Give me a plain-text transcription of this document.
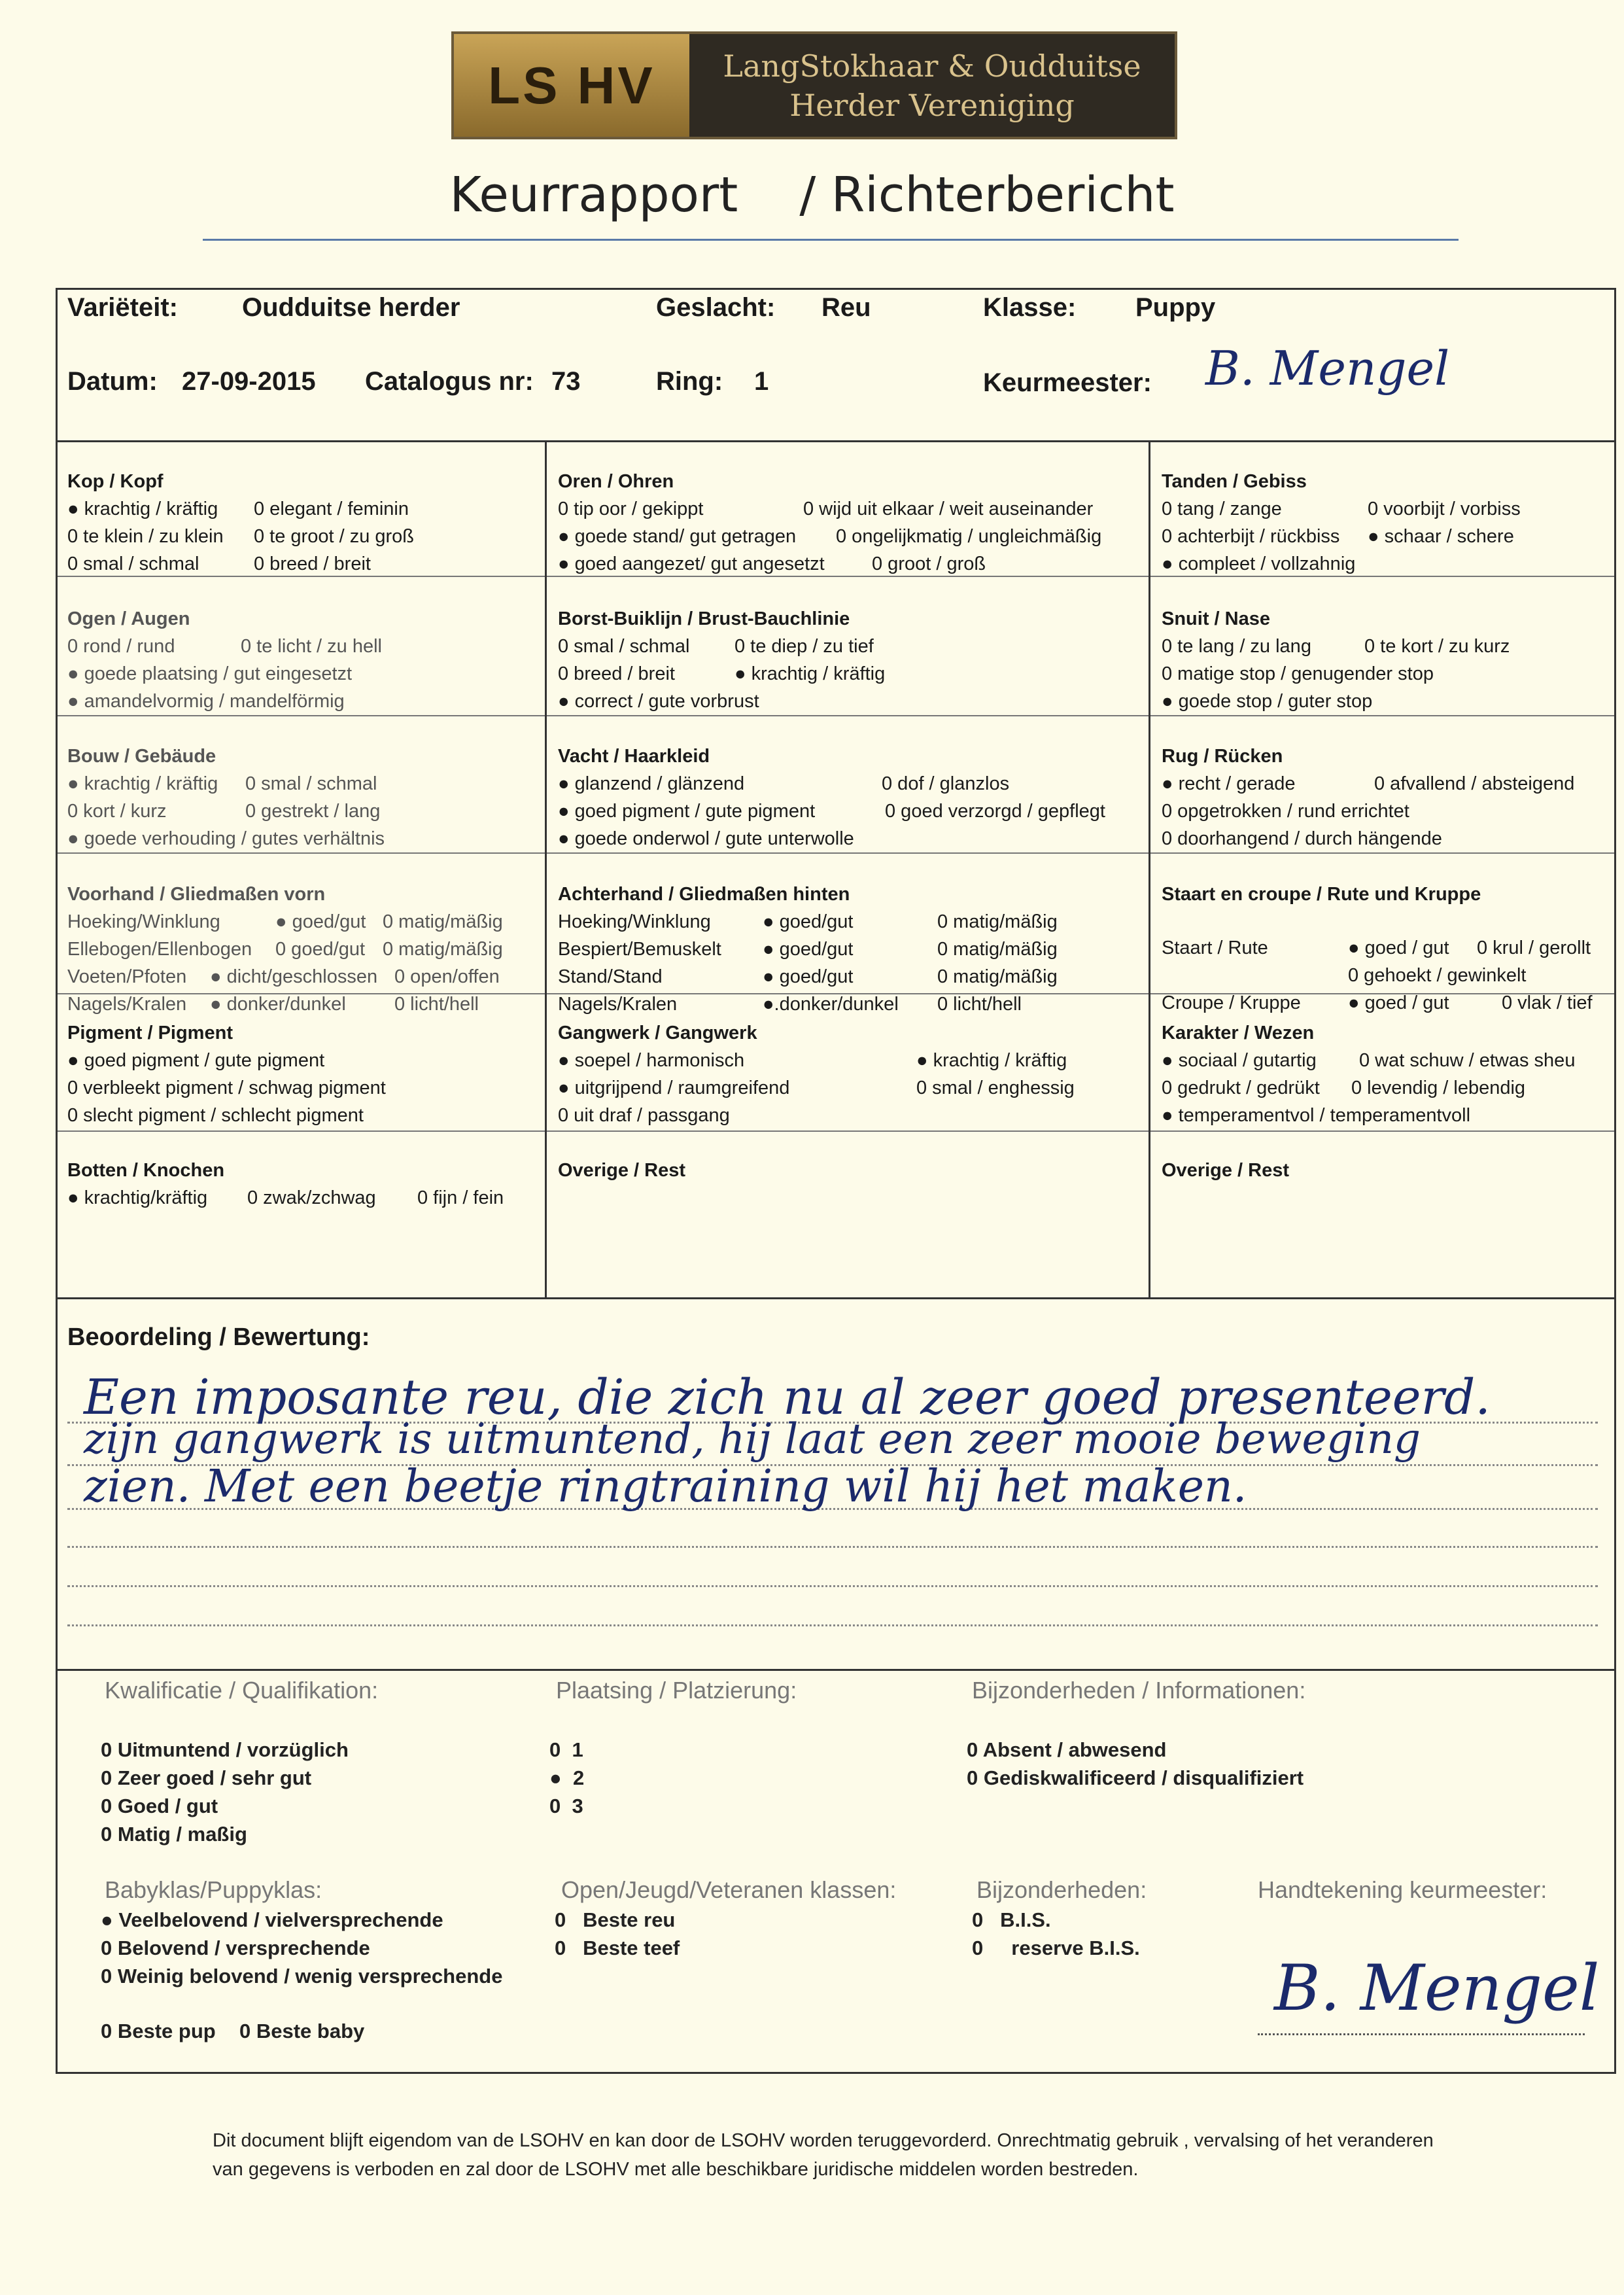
LS HV	LangStokhaar & Oudduitse
Herder Vereniging
Keurrapport    / Richterbericht
Variëteit: Oudduitse herder	Geslacht: Reu	Klasse: Puppy
Datum: 27-09-2015 Catalogus nr: 73	Ring: 1	Keurmeester: B. Mengel
Kop / Kopf
● krachtig / kräftig 0 elegant / feminin
0 te klein / zu klein 0 te groot / zu groß
0 smal / schmal	0 breed / breit
Oren / Ohren
0 tip oor / gekippt	0 wijd uit elkaar / weit auseinander
● goede stand/ gut getragen 0 ongelijkmatig / ungleichmäßig
● goed aangezet/ gut angesetzt 0 groot / groß
Tanden / Gebiss
0 tang / zange	0 voorbijt / vorbiss
0 achterbijt / rückbiss ● schaar / schere
● compleet / vollzahnig
Ogen / Augen
0 rond / rund	0 te licht / zu hell
● goede plaatsing / gut eingesetzt
● amandelvormig / mandelförmig
Borst-Buiklijn / Brust-Bauchlinie
0 smal / schmal 0 te diep / zu tief
0 breed / breit	● krachtig / kräftig
● correct / gute vorbrust
Snuit / Nase
0 te lang / zu lang	0 te kort / zu kurz
0 matige stop / genugender stop
● goede stop / guter stop
Bouw / Gebäude
● krachtig / kräftig 0 smal / schmal
0 kort / kurz	0 gestrekt / lang
● goede verhouding / gutes verhältnis
Vacht / Haarkleid
● glanzend / glänzend	0 dof / glanzlos
● goed pigment / gute pigment	0 goed verzorgd / gepflegt
● goede onderwol / gute unterwolle
Rug / Rücken
● recht / gerade	0 afvallend / absteigend
0 opgetrokken / rund errichtet
0 doorhangend / durch hängende
Voorhand / Gliedmaßen vorn
Hoeking/Winklung	● goed/gut 0 matig/mäßig
Ellebogen/Ellenbogen 0 goed/gut 0 matig/mäßig
Voeten/Pfoten ● dicht/geschlossen 0 open/offen
Nagels/Kralen ● donker/dunkel	0 licht/hell
Achterhand / Gliedmaßen hinten
Hoeking/Winklung	● goed/gut	0 matig/mäßig
Bespiert/Bemuskelt ● goed/gut	0 matig/mäßig
Stand/Stand	● goed/gut	0 matig/mäßig
Nagels/Kralen	●.donker/dunkel 0 licht/hell
Staart en croupe / Rute und Kruppe
Staart / Rute	● goed / gut 0 krul / gerollt
0 gehoekt / gewinkelt
Croupe / Kruppe ● goed / gut	0 vlak / tief
Pigment / Pigment
● goed pigment / gute pigment
0 verbleekt pigment / schwag pigment
0 slecht pigment / schlecht pigment
Gangwerk / Gangwerk
● soepel / harmonisch	● krachtig / kräftig
● uitgrijpend / raumgreifend	0 smal / enghessig
0 uit draf / passgang
Karakter / Wezen
● sociaal / gutartig 0 wat schuw / etwas sheu
0 gedrukt / gedrükt 0 levendig / lebendig
● temperamentvol / temperamentvoll
Botten / Knochen
● krachtig/kräftig 0 zwak/zchwag 0 fijn / fein
Overige / Rest	Overige / Rest
Beoordeling / Bewertung:
Een imposante reu, die zich nu al zeer goed presenteerd.
zijn gangwerk is uitmuntend, hij laat een zeer mooie beweging
zien. Met een beetje ringtraining wil hij het maken.
Kwalificatie / Qualifikation:	Plaatsing / Platzierung:	Bijzonderheden / Informationen:
0 Uitmuntend / vorzüglich
0 Zeer goed / sehr gut
0 Goed / gut
0 Matig / maßig
0  1
●  2
0  3
0 Absent / abwesend
0 Gediskwalificeerd / disqualifiziert
Babyklas/Puppyklas:	Open/Jeugd/Veteranen klassen:	Bijzonderheden:	Handtekening keurmeester:
● Veelbelovend / vielversprechende
0 Belovend / versprechende
0 Weinig belovend / wenig versprechende
0 Beste pup 0 Beste baby
0   Beste reu
0   Beste teef
0   B.I.S.
0     reserve B.I.S.
B. Mengel
Dit document blijft eigendom van de LSOHV en kan door de LSOHV worden teruggevorderd. Onrechtmatig gebruik , vervalsing of het veranderen van gegevens is verboden en zal door de LSOHV met alle beschikbare juridische middelen worden bestreden.
